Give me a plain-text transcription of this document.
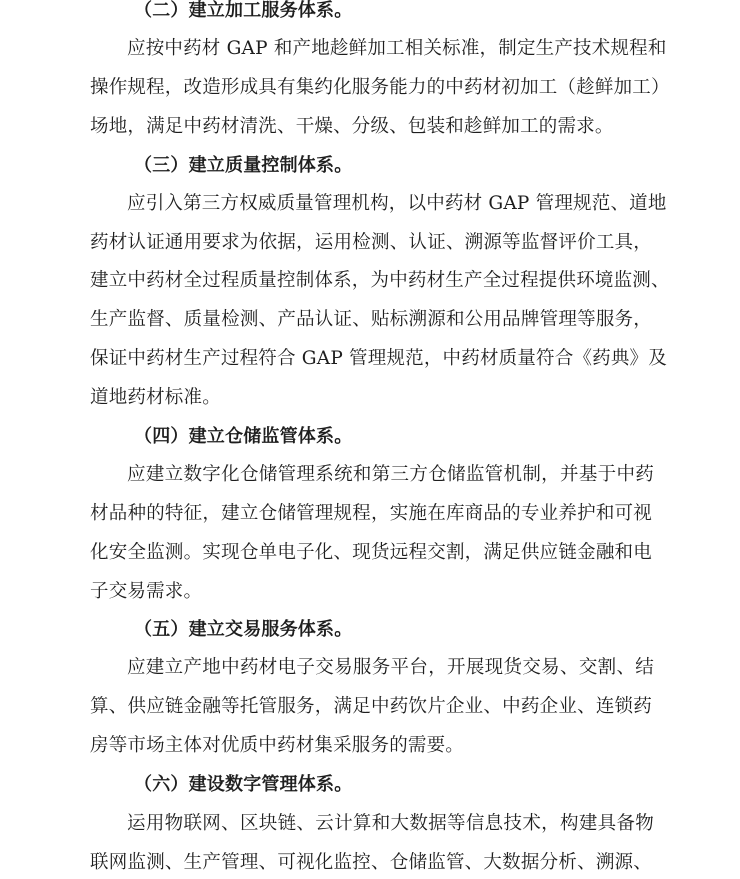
（二）建立加工服务体系。
应按中药材 GAP 和产地趁鲜加工相关标准，制定生产技术规程和
操作规程，改造形成具有集约化服务能力的中药材初加工（趁鲜加工）
场地，满足中药材清洗、干燥、分级、包装和趁鲜加工的需求。
（三）建立质量控制体系。
应引入第三方权威质量管理机构，以中药材 GAP 管理规范、道地
药材认证通用要求为依据，运用检测、认证、溯源等监督评价工具，
建立中药材全过程质量控制体系，为中药材生产全过程提供环境监测、
生产监督、质量检测、产品认证、贴标溯源和公用品牌管理等服务，
保证中药材生产过程符合 GAP 管理规范，中药材质量符合《药典》及
道地药材标准。
（四）建立仓储监管体系。
应建立数字化仓储管理系统和第三方仓储监管机制，并基于中药
材品种的特征，建立仓储管理规程，实施在库商品的专业养护和可视
化安全监测。实现仓单电子化、现货远程交割，满足供应链金融和电
子交易需求。
（五）建立交易服务体系。
应建立产地中药材电子交易服务平台，开展现货交易、交割、结
算、供应链金融等托管服务，满足中药饮片企业、中药企业、连锁药
房等市场主体对优质中药材集采服务的需要。
（六）建设数字管理体系。
运用物联网、区块链、云计算和大数据等信息技术，构建具备物
联网监测、生产管理、可视化监控、仓储监管、大数据分析、溯源、
